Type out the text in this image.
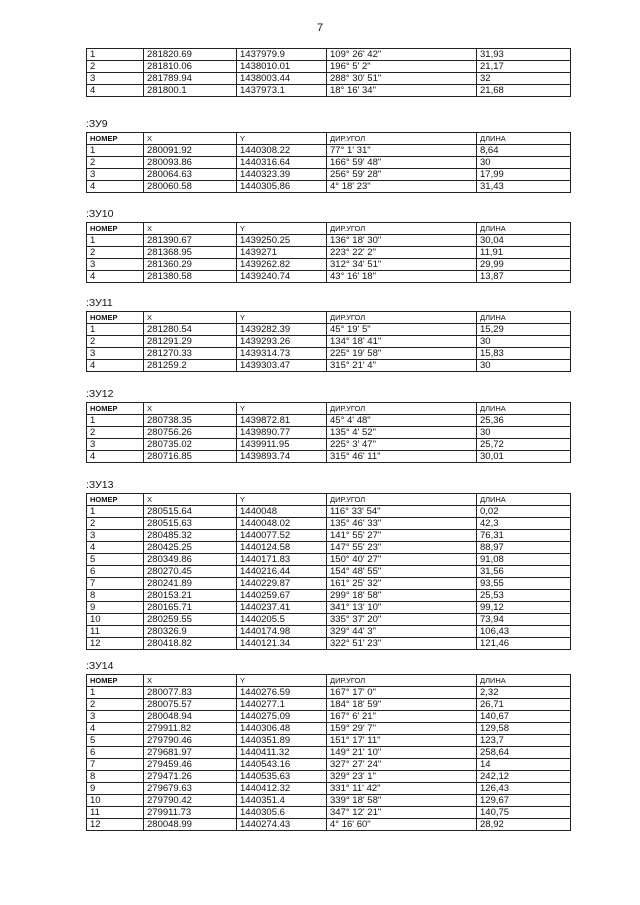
7
1	281820.69	1437979.9	109° 26' 42"	31,93
2	281810.06	1438010.01	196° 5' 2"	21,17
3	281789.94	1438003.44	288° 30' 51"	32
4	281800.1	1437973.1	18° 16' 34"	21,68
:ЗУ9
НОМЕР	X	Y	ДИР.УГОЛ	ДЛИНА
1	280091.92	1440308.22	77° 1' 31"	8,64
2	280093.86	1440316.64	166° 59' 48"	30
3	280064.63	1440323.39	256° 59' 28"	17,99
4	280060.58	1440305.86	4° 18' 23"	31,43
:ЗУ10
НОМЕР	X	Y	ДИР.УГОЛ	ДЛИНА
1	281390.67	1439250.25	136° 18' 30"	30,04
2	281368.95	1439271	223° 22' 2"	11,91
3	281360.29	1439262.82	312° 34' 51"	29,99
4	281380.58	1439240.74	43° 16' 18"	13,87
:ЗУ11
НОМЕР	X	Y	ДИР.УГОЛ	ДЛИНА
1	281280.54	1439282.39	45° 19' 5"	15,29
2	281291.29	1439293.26	134° 18' 41"	30
3	281270.33	1439314.73	225° 19' 58"	15,83
4	281259.2	1439303.47	315° 21' 4"	30
:ЗУ12
НОМЕР	X	Y	ДИР.УГОЛ	ДЛИНА
1	280738.35	1439872.81	45° 4' 48"	25,36
2	280756.26	1439890.77	135° 4' 52"	30
3	280735.02	1439911.95	225° 3' 47"	25,72
4	280716.85	1439893.74	315° 46' 11"	30,01
:ЗУ13
НОМЕР	X	Y	ДИР.УГОЛ	ДЛИНА
1	280515.64	1440048	116° 33' 54"	0,02
2	280515.63	1440048.02	135° 46' 33"	42,3
3	280485.32	1440077.52	141° 55' 27"	76,31
4	280425.25	1440124.58	147° 55' 23"	88,97
5	280349.86	1440171.83	150° 40' 27"	91,08
6	280270.45	1440216.44	154° 48' 55"	31,56
7	280241.89	1440229.87	161° 25' 32"	93,55
8	280153.21	1440259.67	299° 18' 58"	25,53
9	280165.71	1440237.41	341° 13' 10"	99,12
10	280259.55	1440205.5	335° 37' 20"	73,94
11	280326.9	1440174.98	329° 44' 3"	106,43
12	280418.82	1440121.34	322° 51' 23"	121,46
:ЗУ14
НОМЕР	X	Y	ДИР.УГОЛ	ДЛИНА
1	280077.83	1440276.59	167° 17' 0"	2,32
2	280075.57	1440277.1	184° 18' 59"	26,71
3	280048.94	1440275.09	167° 6' 21"	140,67
4	279911.82	1440306.48	159° 29' 7"	129,58
5	279790.46	1440351.89	151° 17' 11"	123,7
6	279681.97	1440411.32	149° 21' 10"	258,64
7	279459.46	1440543.16	327° 27' 24"	14
8	279471.26	1440535.63	329° 23' 1"	242,12
9	279679.63	1440412.32	331° 11' 42"	126,43
10	279790.42	1440351.4	339° 18' 58"	129,67
11	279911.73	1440305.6	347° 12' 21"	140,75
12	280048.99	1440274.43	4° 16' 60"	28,92
